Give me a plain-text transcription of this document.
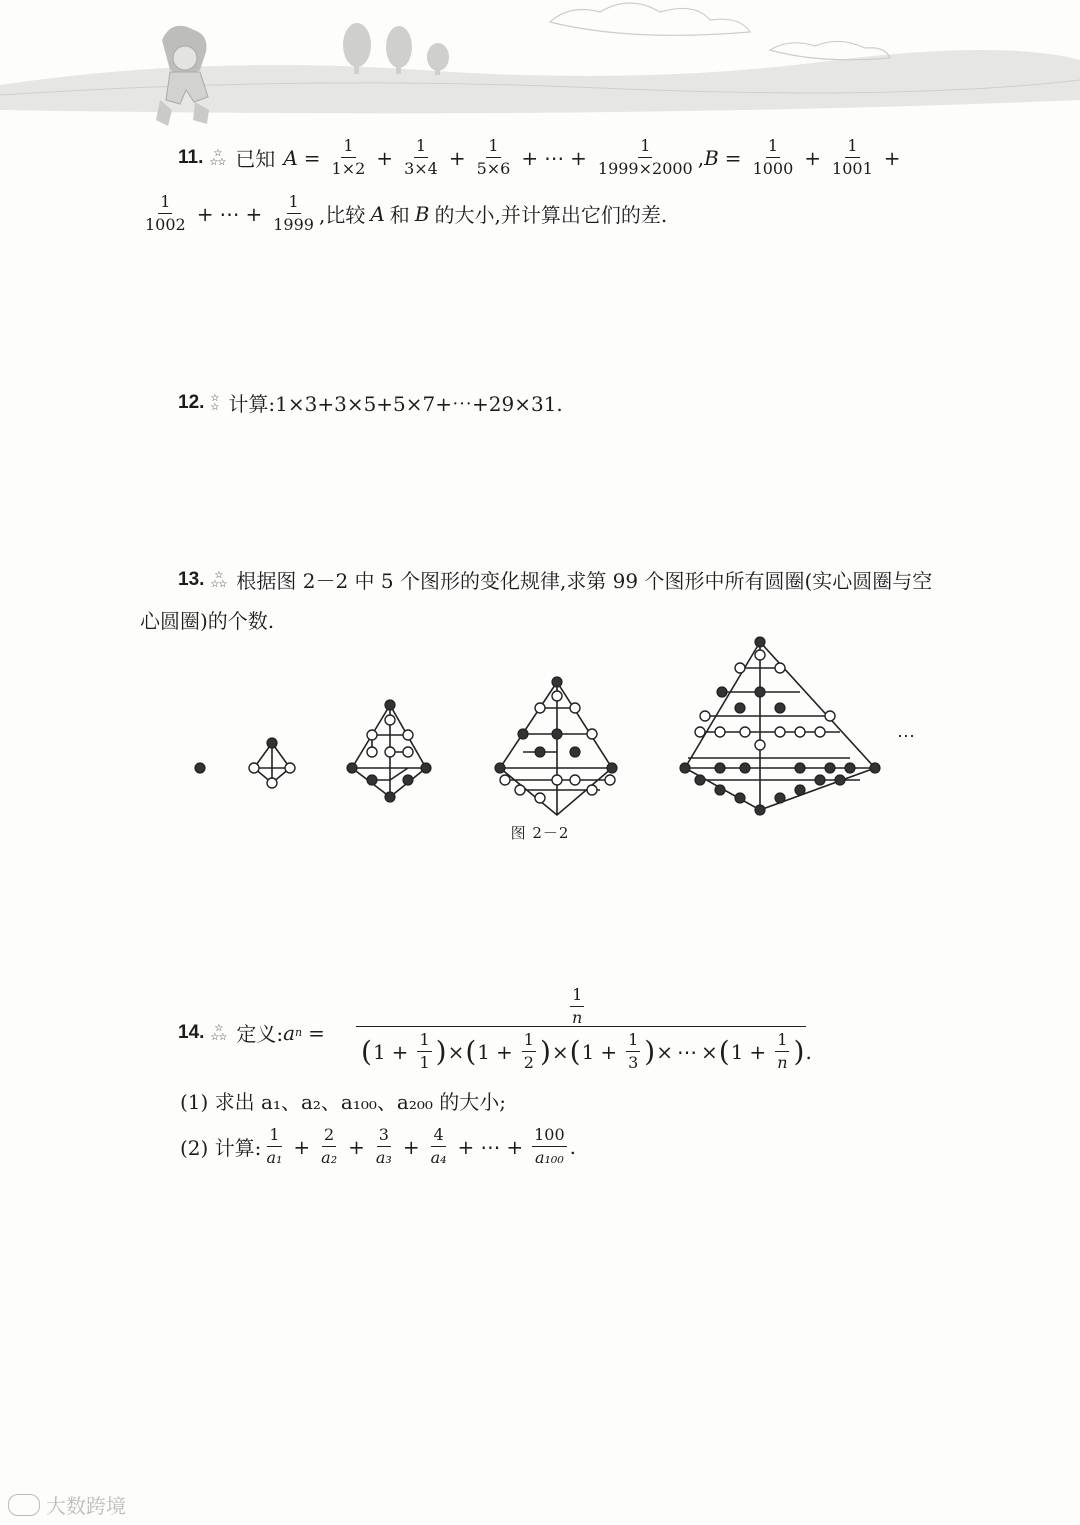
11. ☆
☆☆ 已知 $A = \frac{1}{1\times 2} + \frac{1}{3\times 4} + \frac{1}{5\times 6}$ + ⋯ + $\frac{1}{1999\times 2000}$ , $B = \frac{1}{1000} + \frac{1}{1001}$ +
$\frac{1}{1002}$ + ⋯ + $\frac{1}{1999}$ ,比较 A 和 B 的大小,并计算出它们的差.
12. ☆
☆ 计算:1×3+3×5+5×7+⋯+29×31.
13. ☆
☆☆ 根据图 2－2 中 5 个图形的变化规律,求第 99 个图形中所有圆圈(实心圆圈与空
心圆圈)的个数.
⋯
图 2－2
$\frac{1}{n}$
14. ☆
☆☆ 定义: a n =
( $1 + \frac{1}{1}$ ) × ( $1 + \frac{1}{2}$ ) × ( $1 + \frac{1}{3}$ ) × ⋯ × ( $1 + \frac{1}{n}$ ) .
(1) 求出 a₁、a₂、a₁₀₀、a₂₀₀ 的大小;
(2) 计算: $\frac{1}{\text{a₁}} + \frac{2}{\text{a₂}} + \frac{3}{\text{a₃}} + \frac{4}{\text{a₄}}$ + ⋯ + $\frac{100}{\text{a₁₀₀}}$ .
大数跨境
